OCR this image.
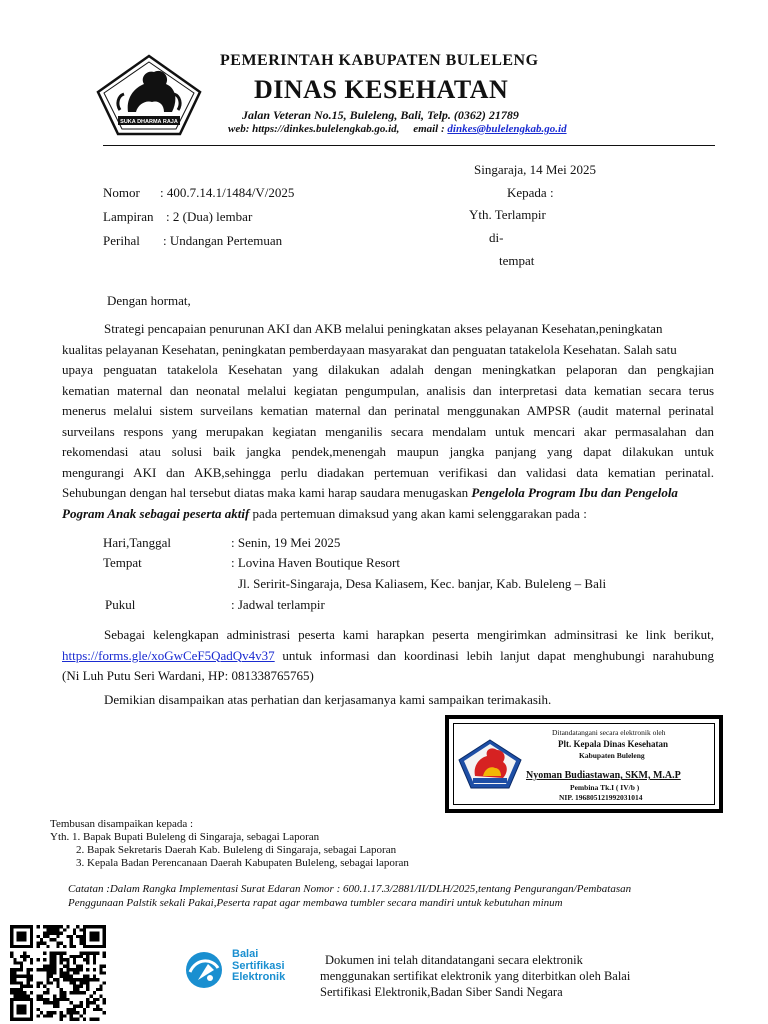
SUKA DHARMA RAJA
PEMERINTAH KABUPATEN BULELENG
DINAS KESEHATAN
Jalan Veteran No.15, Buleleng, Bali, Telp. (0362) 21789
web: https://dinkes.bulelengkab.go.id, email : dinkes@bulelengkab.go.id
Singaraja, 14 Mei 2025
Nomor : 400.7.14.1/1484/V/2025	Kepada :
Lampiran : 2 (Dua) lembar	Yth. Terlampir
Perihal : Undangan Pertemuan	di-
tempat
Dengan hormat,
Strategi pencapaian penurunan AKI dan AKB melalui peningkatan akses pelayanan Kesehatan,peningkatan
kualitas pelayanan Kesehatan, peningkatan pemberdayaan masyarakat dan penguatan tatakelola Kesehatan. Salah satu
upaya penguatan tatakelola Kesehatan yang dilakukan adalah dengan meningkatkan pelaporan dan pengkajian
kematian maternal dan neonatal melalui kegiatan pengumpulan, analisis dan interpretasi data kematian secara terus
menerus melalui sistem surveilans kematian maternal dan perinatal menggunakan AMPSR (audit maternal perinatal
surveilans respons yang merupakan kegiatan menganilis secara mendalam untuk mencari akar permasalahan dan
rekomendasi atau solusi baik jangka pendek,menengah maupun jangka panjang yang dapat dilakukan untuk
mengurangi AKI dan AKB,sehingga perlu diadakan pertemuan verifikasi dan validasi data kematian perinatal.
Sehubungan dengan hal tersebut diatas maka kami harap saudara menugaskan Pengelola Program Ibu dan Pengelola
Pogram Anak sebagai peserta aktif pada pertemuan dimaksud yang akan kami selenggarakan pada :
Hari,Tanggal	: Senin, 19 Mei 2025
Tempat	: Lovina Haven Boutique Resort
Jl. Seririt-Singaraja, Desa Kaliasem, Kec. banjar, Kab. Buleleng – Bali
Pukul	: Jadwal terlampir
Sebagai kelengkapan administrasi peserta kami harapkan peserta mengirimkan adminsitrasi ke link berikut,
https://forms.gle/xoGwCeF5QadQv4v37 untuk informasi dan koordinasi lebih lanjut dapat menghubungi narahubung
(Ni Luh Putu Seri Wardani, HP: 081338765765)
Demikian disampaikan atas perhatian dan kerjasamanya kami sampaikan terimakasih.
Ditandatangani secara elektronik oleh
Plt. Kepala Dinas Kesehatan
Kabupaten Buleleng
Nyoman Budiastawan, SKM, M.A.P
Pembina Tk.I ( IV/b )
NIP. 196805121992031014
Tembusan disampaikan kepada :
Yth. 1. Bapak Bupati Buleleng di Singaraja, sebagai Laporan
2. Bapak Sekretaris Daerah Kab. Buleleng di Singaraja, sebagai Laporan
3. Kepala Badan Perencanaan Daerah Kabupaten Buleleng, sebagai laporan
Catatan :Dalam Rangka Implementasi Surat Edaran Nomor : 600.1.17.3/2881/II/DLH/2025,tentang Pengurangan/Pembatasan
Penggunaan Palstik sekali Pakai,Peserta rapat agar membawa tumbler secara mandiri untuk kebutuhan minum
Balai
Sertifikasi
Elektronik
Dokumen ini telah ditandatangani secara elektronik
menggunakan sertifikat elektronik yang diterbitkan oleh Balai
Sertifikasi Elektronik,Badan Siber Sandi Negara
